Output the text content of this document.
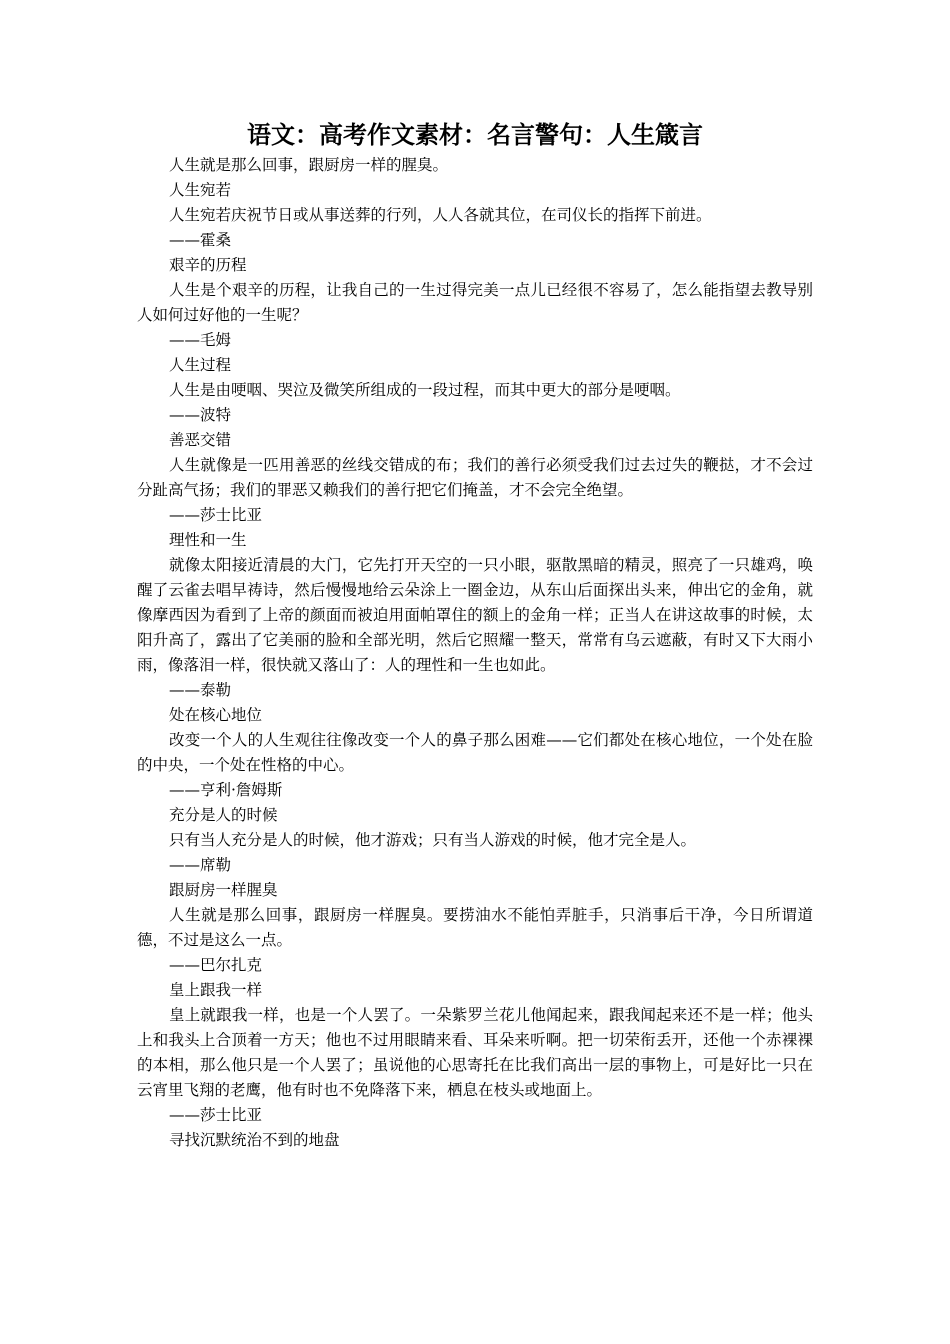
语文：高考作文素材：名言警句：人生箴言

人生就是那么回事，跟厨房一样的腥臭。

人生宛若

人生宛若庆祝节日或从事送葬的行列，人人各就其位，在司仪长的指挥下前进。

——霍桑

艰辛的历程

人生是个艰辛的历程，让我自己的一生过得完美一点儿已经很不容易了，怎么能指望去教导别人如何过好他的一生呢？

——毛姆

人生过程

人生是由哽咽、哭泣及微笑所组成的一段过程，而其中更大的部分是哽咽。

——波特

善恶交错

人生就像是一匹用善恶的丝线交错成的布；我们的善行必须受我们过去过失的鞭挞，才不会过分趾高气扬；我们的罪恶又赖我们的善行把它们掩盖，才不会完全绝望。

——莎士比亚

理性和一生

就像太阳接近清晨的大门，它先打开天空的一只小眼，驱散黑暗的精灵，照亮了一只雄鸡，唤醒了云雀去唱早祷诗，然后慢慢地给云朵涂上一圈金边，从东山后面探出头来，伸出它的金角，就像摩西因为看到了上帝的颜面而被迫用面帕罩住的额上的金角一样；正当人在讲这故事的时候，太阳升高了，露出了它美丽的脸和全部光明，然后它照耀一整天，常常有乌云遮蔽，有时又下大雨小雨，像落泪一样，很快就又落山了：人的理性和一生也如此。

——泰勒

处在核心地位

改变一个人的人生观往往像改变一个人的鼻子那么困难——它们都处在核心地位，一个处在脸的中央，一个处在性格的中心。

——亨利·詹姆斯

充分是人的时候

只有当人充分是人的时候，他才游戏；只有当人游戏的时候，他才完全是人。

——席勒

跟厨房一样腥臭

人生就是那么回事，跟厨房一样腥臭。要捞油水不能怕弄脏手，只消事后干净，今日所谓道德，不过是这么一点。

——巴尔扎克

皇上跟我一样

皇上就跟我一样，也是一个人罢了。一朵紫罗兰花儿他闻起来，跟我闻起来还不是一样；他头上和我头上合顶着一方天；他也不过用眼睛来看、耳朵来听啊。把一切荣衔丢开，还他一个赤裸裸的本相，那么他只是一个人罢了；虽说他的心思寄托在比我们高出一层的事物上，可是好比一只在云宵里飞翔的老鹰，他有时也不免降落下来，栖息在枝头或地面上。

——莎士比亚

寻找沉默统治不到的地盘
